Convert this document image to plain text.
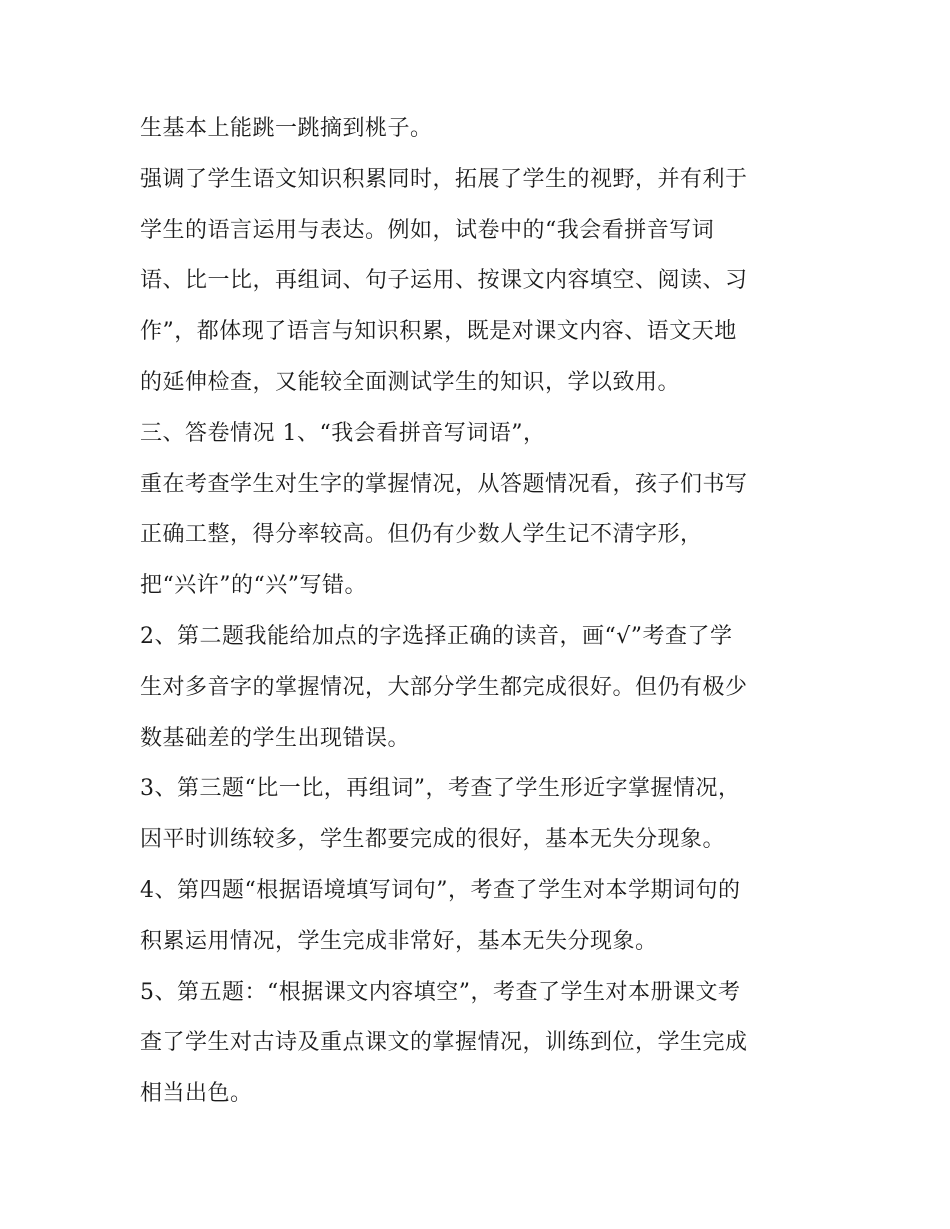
生基本上能跳一跳摘到桃子。
强调了学生语文知识积累同时，拓展了学生的视野，并有利于
学生的语言运用与表达。例如，试卷中的“我会看拼音写词
语、比一比，再组词、句子运用、按课文内容填空、阅读、习
作”，都体现了语言与知识积累，既是对课文内容、语文天地
的延伸检查，又能较全面测试学生的知识，学以致用。
三、答卷情况 1、“我会看拼音写词语”，
重在考查学生对生字的掌握情况，从答题情况看，孩子们书写
正确工整，得分率较高。但仍有少数人学生记不清字形，
把“兴许”的“兴”写错。
2、第二题我能给加点的字选择正确的读音，画“√”考查了学
生对多音字的掌握情况，大部分学生都完成很好。但仍有极少
数基础差的学生出现错误。
3、第三题“比一比，再组词”，考查了学生形近字掌握情况，
因平时训练较多，学生都要完成的很好，基本无失分现象。
4、第四题“根据语境填写词句”，考查了学生对本学期词句的
积累运用情况，学生完成非常好，基本无失分现象。
5、第五题：“根据课文内容填空”，考查了学生对本册课文考
查了学生对古诗及重点课文的掌握情况，训练到位，学生完成
相当出色。
